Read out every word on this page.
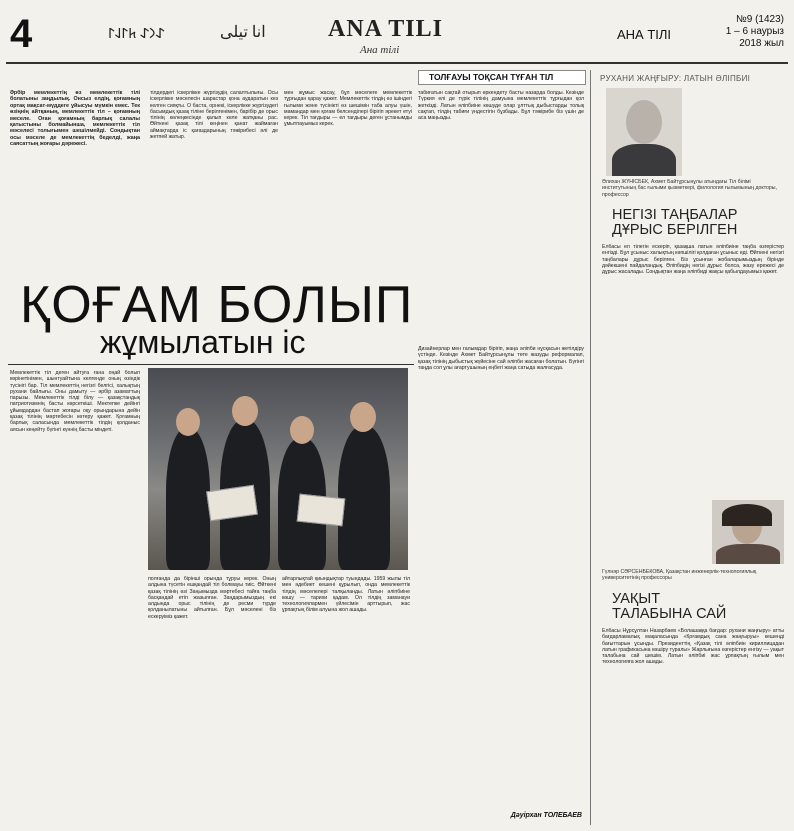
4	𐰀𐰣𐰀 𐱅𐰃𐰞𐰃	ﺍﻧﺎ ﺗﻴﻠﻰ	ANA TILI
Ана тілі
АНА ТІЛІ
№9 (1423)
1 – 6 наурыз
2018 жыл
ТОЛҒАУЫ ТОҚСАН ТҮҒАН ТІЛ
Әрбір мемлекеттің өз мемлекеттік тілі болатыны заңдылық. Онсыз елдің, қоғамның ортақ мақсат-мүддеге ұйысуы мүмкін емес. Тек өзіңнің айтқаның, мемлекеттік тіл – қоғамның меселе. Оған қоғамның барлық салалы қатыстыны болмайынша, мемлекеттік тіл мәселесі толығымен шешілмейді. Сондықтан осы мәселе де мемлекеттің беделді, жаңа саясаттың жоғары дәрежесі.
тілдердегі іскерлікке жүргізудің салалтылығы. Осы іскерлікке мәселесін шарастар қона аударатын кез келген сияқты. О баста, орнекі, іскерлікке жүргізудегі басымдық қазақ тіліне берілгенімен, барібір де орыс тілінің көлеңкесінде қалып келе жатқаны рас. Өйткені қазақ тілі кеңінен қанат жаймаған аймақтарда іс қағаздарының тәжірибесі әлі де жетпей жатыр.
мен жұмыс жасау, бұл мәселеге мемлекеттік тұрғыдан қарау қажет. Мемлекеттік тілдің өз ішіндегі ғылыми және түсінікті өз шешімін таба алуы үшін, мамандар мен қоғам белсенділері бірігіп әрекет етуі керек. Тіл тағдыры — ел тағдыры деген ұстанымды ұмытпауымыз керек.
табиғатын сақтай отырып өркендету басты назарда болды. Кезінде Түркия елі де түрік тілінің дамуына мемлекеттік тұрғыдан қол жеткізді. Латын әліпбиіне көшуде олар ұлттық дыбыстарды толық сақтап, тілдің табиғи үндестігін бұзбады. Бұл тәжірибе біз үшін де аса маңызды.
ҚОҒАМ БОЛЫП
жұмылатын іс
Мемлекеттік тіл деген айтуға ғана оңай болып көрінетінімен, шынтуайтына келгенде оның өзіндік түсінігі бар. Тіл мемлекеттің негізгі белгісі, халықтың рухани байлығы. Оны дамыту — әрбір азаматтың парызы. Мемлекеттік тілді білу — қазақстандық патриотизмнің басты көрсеткіші. Мектепке дейінгі ұйымдардан бастап жоғары оқу орындарына дейін қазақ тілінің мәртебесін көтеру қажет. Қоғамның барлық саласында мемлекеттік тілдің қолданыс аясын кеңейту бүгінгі күннің басты міндеті.
полғанда да бірінші орында тұруы керек. Оның алдына түсетін ешқандай тіл болмауы тиіс. Өйткені қазақ тілінің өзі Заңымызда мәртебесі тайға таңба басқандай етіп жазылған. Заңдарымыздың екі алдында орыс тілінің де ресми түрде қолданылатыны айтылған. Бұл мәселені біз ескеруіміз қажет.
айтарлықтай қиындықтар туындады. 1959 жылы тіл мен әдебиет кешені құрылып, онда мемлекеттік тілдің мәселелері талқыланды. Латын әліпбиіне көшу — тарихи қадам. Ол тілдің заманауи технологиялармен үйлесімін арттырып, жас ұрпақтың білім алуына жол ашады.
Дизайнерлар мен ғалымдар бірігіп, жаңа әліпби нұсқасын жетілдіру үстінде. Кезінде Ахмет Байтұрсынұлы төте жазуды реформалап, қазақ тілінің дыбыстық жүйесіне сай әліпби жасаған болатын. Бүгінгі таңда сол ұлы ағартушының еңбегі жаңа сатыда жалғасуда.
Дәуірхан ТОЛЕБАЕВ
РУХАНИ ЖАҢҒЫРУ: ЛАТЫН ӘЛІПБИІ
Әлихан ЖҮНІСБЕК, Ахмет Байтұрсынұлы атындағы Тіл білімі институтының бас ғылыми қызметкері, филология ғылымының докторы, профессор
НЕГІЗІ ТАҢБАЛАР ДҰРЫС БЕРІЛГЕН
Елбасы ел тілегін ескеріп, қазақша латын әліпбиіне таңба өзгерістер енгізді. Бұл ұсыныс халықтың көпшілігі қолдаған ұсыныс еді. Өйткені негізгі таңбалары дұрыс берілген. Біз ұсынған жобаларымыздың бірінде дәйекшені пайдаландық. Әліпбидің негізі дұрыс болса, жазу ережесі де дұрыс жасалады. Сондықтан жаңа әліпбиді жақсы қабылдауымыз қажет.
Гүлнәр СӘРСЕНБЕКОВА, Қазақстан инженерлік-технологиялық университетінің профессоры
УАҚЫТ ТАЛАБЫНА САЙ
Елбасы Нұрсұлтан Назарбаев «Болашаққа бағдар: рухани жаңғыру» атты бағдарламалық мақаласында «Қоғамдық сана жаңғыруы» кешенді бағыттарын ұсынды. Президенттің «Қазақ тілі әліпбиін кириллицадан латын графикасына көшіру туралы» Жарлығына өзгерістер енгізу — уақыт талабына сай шешім. Латын әліпбиі жас ұрпақтың ғылым мен технологияға жол ашады.
